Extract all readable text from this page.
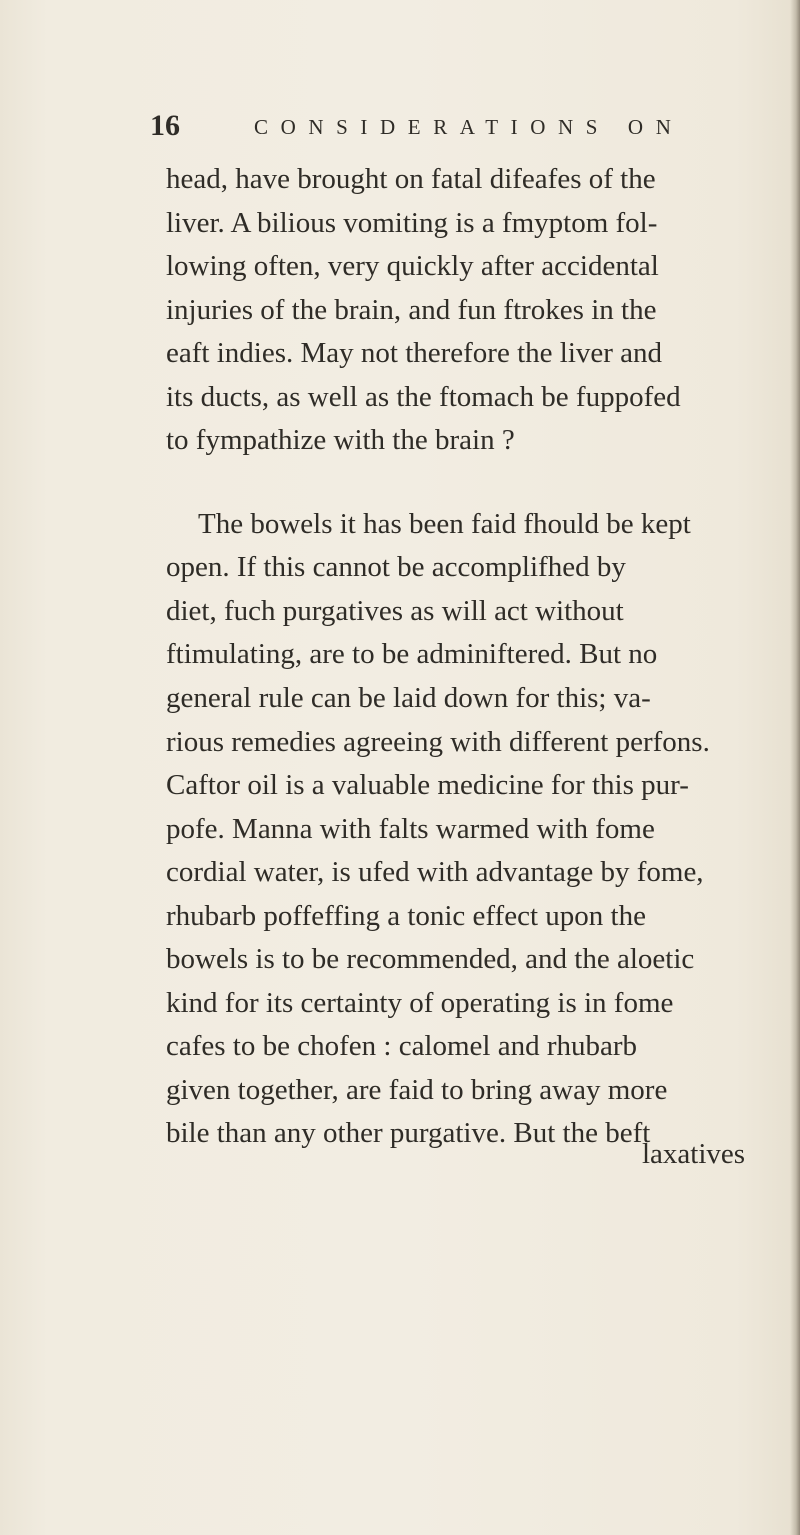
16	CONSIDERATIONS ON
head, have brought on fatal difeafes of the
liver. A bilious vomiting is a fmyptom fol-
lowing often, very quickly after accidental
injuries of the brain, and fun ftrokes in the
eaft indies. May not therefore the liver and
its ducts, as well as the ftomach be fuppofed
to fympathize with the brain ?
The bowels it has been faid fhould be kept
open. If this cannot be accomplifhed by
diet, fuch purgatives as will act without
ftimulating, are to be adminiftered. But no
general rule can be laid down for this; va-
rious remedies agreeing with different perfons.
Caftor oil is a valuable medicine for this pur-
pofe. Manna with falts warmed with fome
cordial water, is ufed with advantage by fome,
rhubarb poffeffing a tonic effect upon the
bowels is to be recommended, and the aloetic
kind for its certainty of operating is in fome
cafes to be chofen : calomel and rhubarb
given together, are faid to bring away more
bile than any other purgative. But the beft
laxatives
